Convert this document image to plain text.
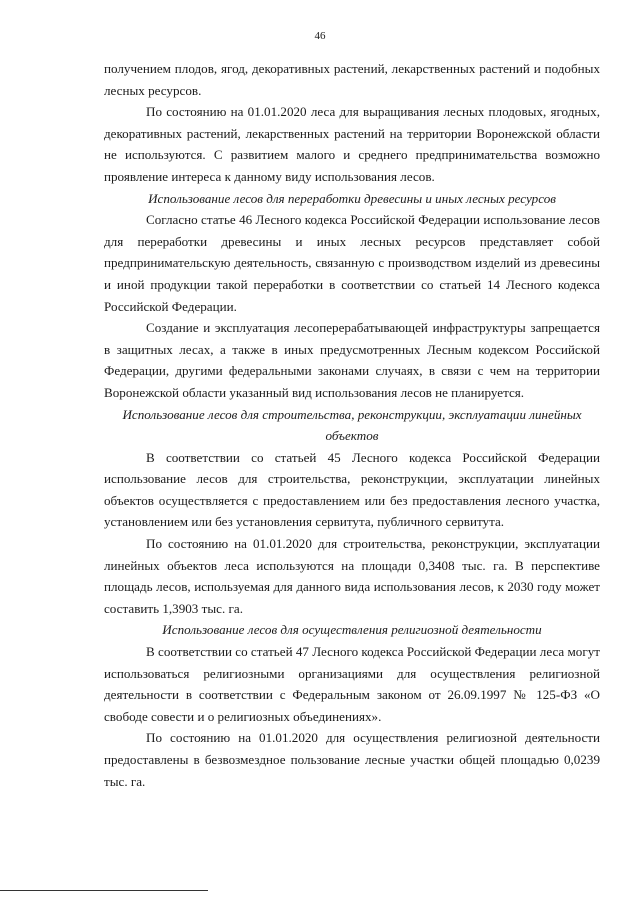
46

получением плодов, ягод, декоративных растений, лекарственных растений и подобных лесных ресурсов.

По состоянию на 01.01.2020 леса для выращивания лесных плодовых, ягодных, декоративных растений, лекарственных растений на территории Воронежской области не используются. С развитием малого и среднего предпринимательства возможно проявление интереса к данному виду использования лесов.

Использование лесов для переработки древесины и иных лесных ресурсов

Согласно статье 46 Лесного кодекса Российской Федерации использование лесов для переработки древесины и иных лесных ресурсов представляет собой предпринимательскую деятельность, связанную с производством изделий из древесины и иной продукции такой переработки в соответствии со статьей 14 Лесного кодекса Российской Федерации.

Создание и эксплуатация лесоперерабатывающей инфраструктуры запрещается в защитных лесах, а также в иных предусмотренных Лесным кодексом Российской Федерации, другими федеральными законами случаях, в связи с чем на территории Воронежской области указанный вид использования лесов не планируется.

Использование лесов для строительства, реконструкции, эксплуатации линейных объектов

В соответствии со статьей 45 Лесного кодекса Российской Федерации использование лесов для строительства, реконструкции, эксплуатации линейных объектов осуществляется с предоставлением или без предоставления лесного участка, установлением или без установления сервитута, публичного сервитута.

По состоянию на 01.01.2020 для строительства, реконструкции, эксплуатации линейных объектов леса используются на площади 0,3408 тыс. га. В перспективе площадь лесов, используемая для данного вида использования лесов, к 2030 году может составить 1,3903 тыс. га.

Использование лесов для осуществления религиозной деятельности

В соответствии со статьей 47 Лесного кодекса Российской Федерации леса могут использоваться религиозными организациями для осуществления религиозной деятельности в соответствии с Федеральным законом от 26.09.1997 № 125-ФЗ «О свободе совести и о религиозных объединениях».

По состоянию на 01.01.2020 для осуществления религиозной деятельности предоставлены в безвозмездное пользование лесные участки общей площадью 0,0239 тыс. га.
